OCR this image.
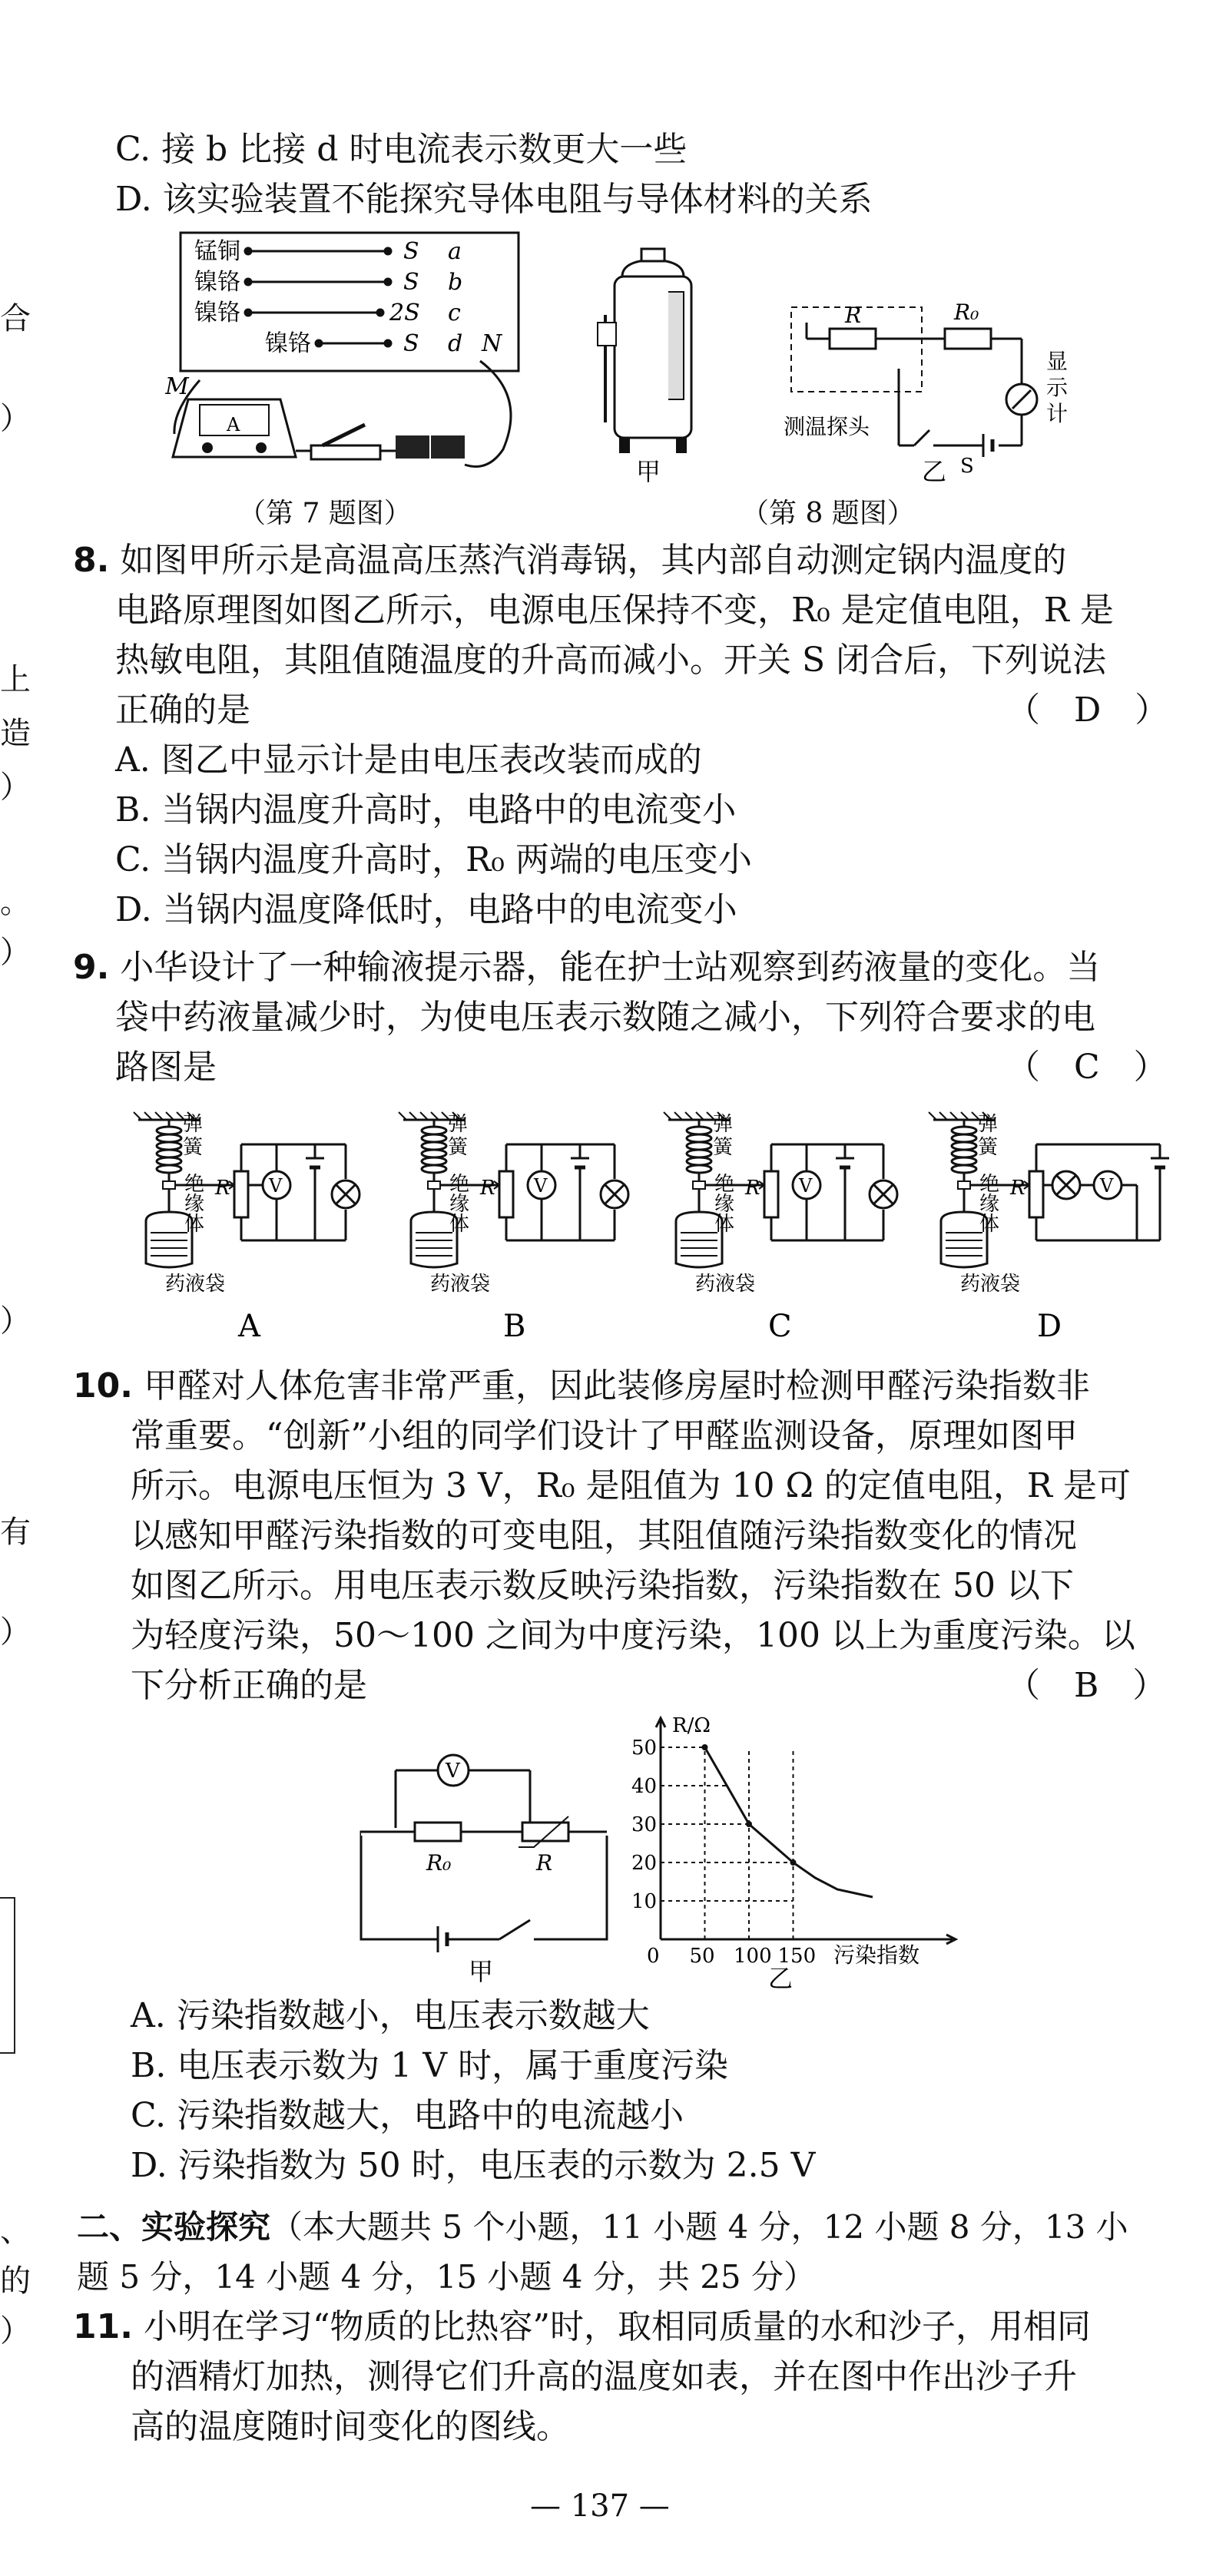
合
）
上
造
）
。
）
）
有
）
、
的
）
C. 接 b 比接 d 时电流表示数更大一些
D. 该实验装置不能探究导体电阻与导体材料的关系
锰铜
镍铬
镍铬
镍铬
S
S
2S
S
a
b
c
d N
M
A
（第 7 题图）
甲
R	R₀
S
测温探头
显
示
计
乙
（第 8 题图）
8. 如图甲所示是高温高压蒸汽消毒锅，其内部自动测定锅内温度的
电路原理图如图乙所示，电源电压保持不变，R₀ 是定值电阻，R 是
热敏电阻，其阻值随温度的升高而减小。开关 S 闭合后，下列说法
正确的是	（　D　）
A. 图乙中显示计是由电压表改装而成的
B. 当锅内温度升高时，电路中的电流变小
C. 当锅内温度升高时，R₀ 两端的电压变小
D. 当锅内温度降低时，电路中的电流变小
9. 小华设计了一种输液提示器，能在护士站观察到药液量的变化。当
袋中药液量减少时，为使电压表示数随之减小，下列符合要求的电
路图是	（　C　）
V	V	V	V
弹
簧
绝
缘
体
R
药液袋
弹
簧
绝
缘
体
R
药液袋
弹
簧
绝
缘
体
R
药液袋
弹
簧
绝
缘
体
R
药液袋
A	B	C	D
10. 甲醛对人体危害非常严重，因此装修房屋时检测甲醛污染指数非
常重要。“创新”小组的同学们设计了甲醛监测设备，原理如图甲
所示。电源电压恒为 3 V，R₀ 是阻值为 10 Ω 的定值电阻，R 是可
以感知甲醛污染指数的可变电阻，其阻值随污染指数变化的情况
如图乙所示。用电压表示数反映污染指数，污染指数在 50 以下
为轻度污染，50～100 之间为中度污染，100 以上为重度污染。以
下分析正确的是	（　B　）
V
R₀	R
甲
R/Ω
污染指数
乙
10
20
30
40
50
0 50 100 150
A. 污染指数越小，电压表示数越大
B. 电压表示数为 1 V 时，属于重度污染
C. 污染指数越大，电路中的电流越小
D. 污染指数为 50 时，电压表的示数为 2.5 V
二、实验探究（本大题共 5 个小题，11 小题 4 分，12 小题 8 分，13 小
题 5 分，14 小题 4 分，15 小题 4 分，共 25 分）
11. 小明在学习“物质的比热容”时，取相同质量的水和沙子，用相同
的酒精灯加热，测得它们升高的温度如表，并在图中作出沙子升
高的温度随时间变化的图线。
— 137 —
